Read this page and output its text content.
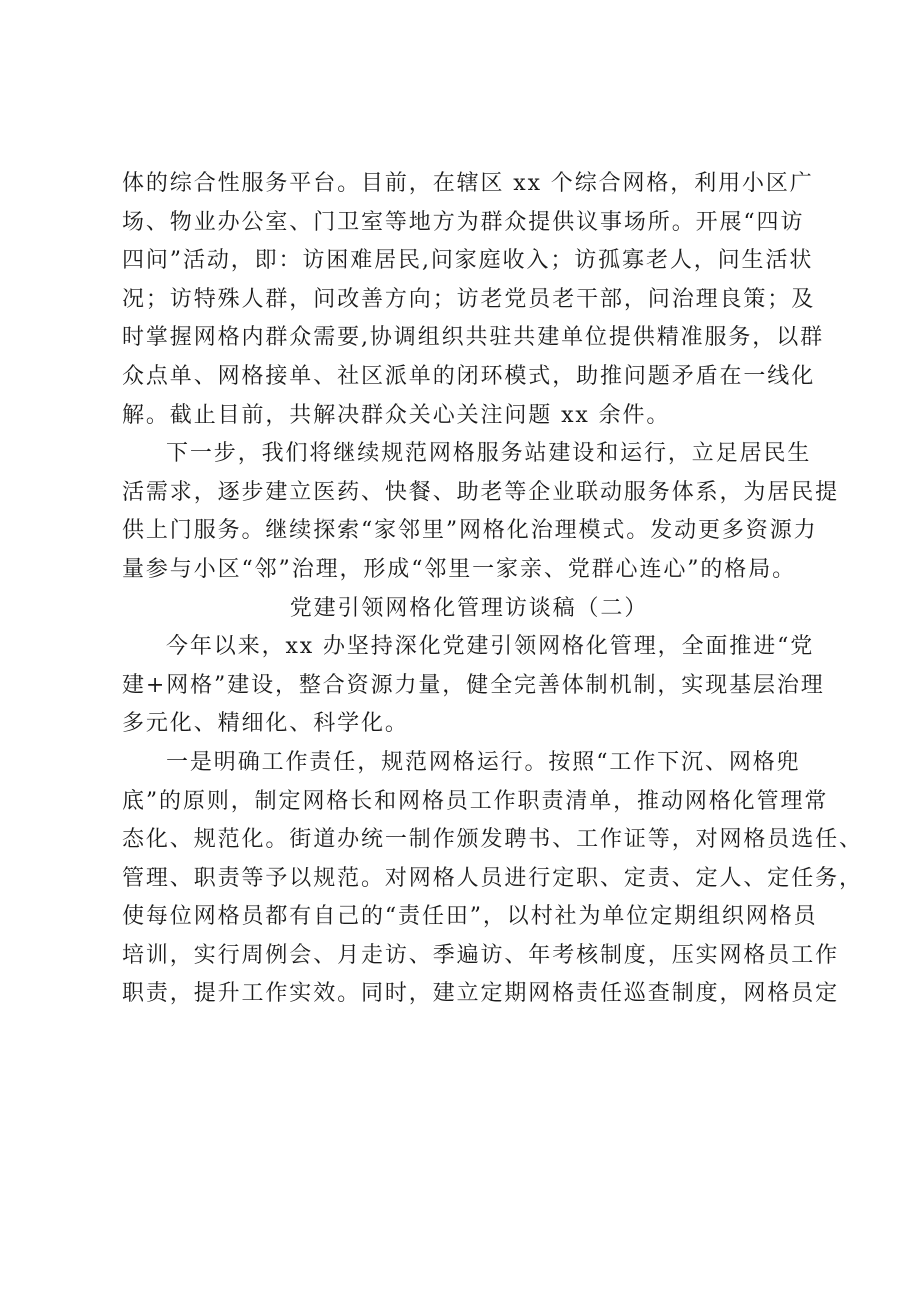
体的综合性服务平台。目前，在辖区 xx 个综合网格，利用小区广
场、物业办公室、门卫室等地方为群众提供议事场所。开展“四访
四问”活动，即：访困难居民,问家庭收入；访孤寡老人，问生活状
况；访特殊人群，问改善方向；访老党员老干部，问治理良策；及
时掌握网格内群众需要,协调组织共驻共建单位提供精准服务，以群
众点单、网格接单、社区派单的闭环模式，助推问题矛盾在一线化
解。截止目前，共解决群众关心关注问题 xx 余件。
下一步，我们将继续规范网格服务站建设和运行，立足居民生
活需求，逐步建立医药、快餐、助老等企业联动服务体系，为居民提
供上门服务。继续探索“家邻里”网格化治理模式。发动更多资源力
量参与小区“邻”治理，形成“邻里一家亲、党群心连心”的格局。
党建引领网格化管理访谈稿（二）
今年以来，xx 办坚持深化党建引领网格化管理，全面推进“党
建+网格”建设，整合资源力量，健全完善体制机制，实现基层治理
多元化、精细化、科学化。
一是明确工作责任，规范网格运行。按照“工作下沉、网格兜
底”的原则，制定网格长和网格员工作职责清单，推动网格化管理常
态化、规范化。街道办统一制作颁发聘书、工作证等，对网格员选任、
管理、职责等予以规范。对网格人员进行定职、定责、定人、定任务，
使每位网格员都有自己的“责任田”，以村社为单位定期组织网格员
培训，实行周例会、月走访、季遍访、年考核制度，压实网格员工作
职责，提升工作实效。同时，建立定期网格责任巡查制度，网格员定
